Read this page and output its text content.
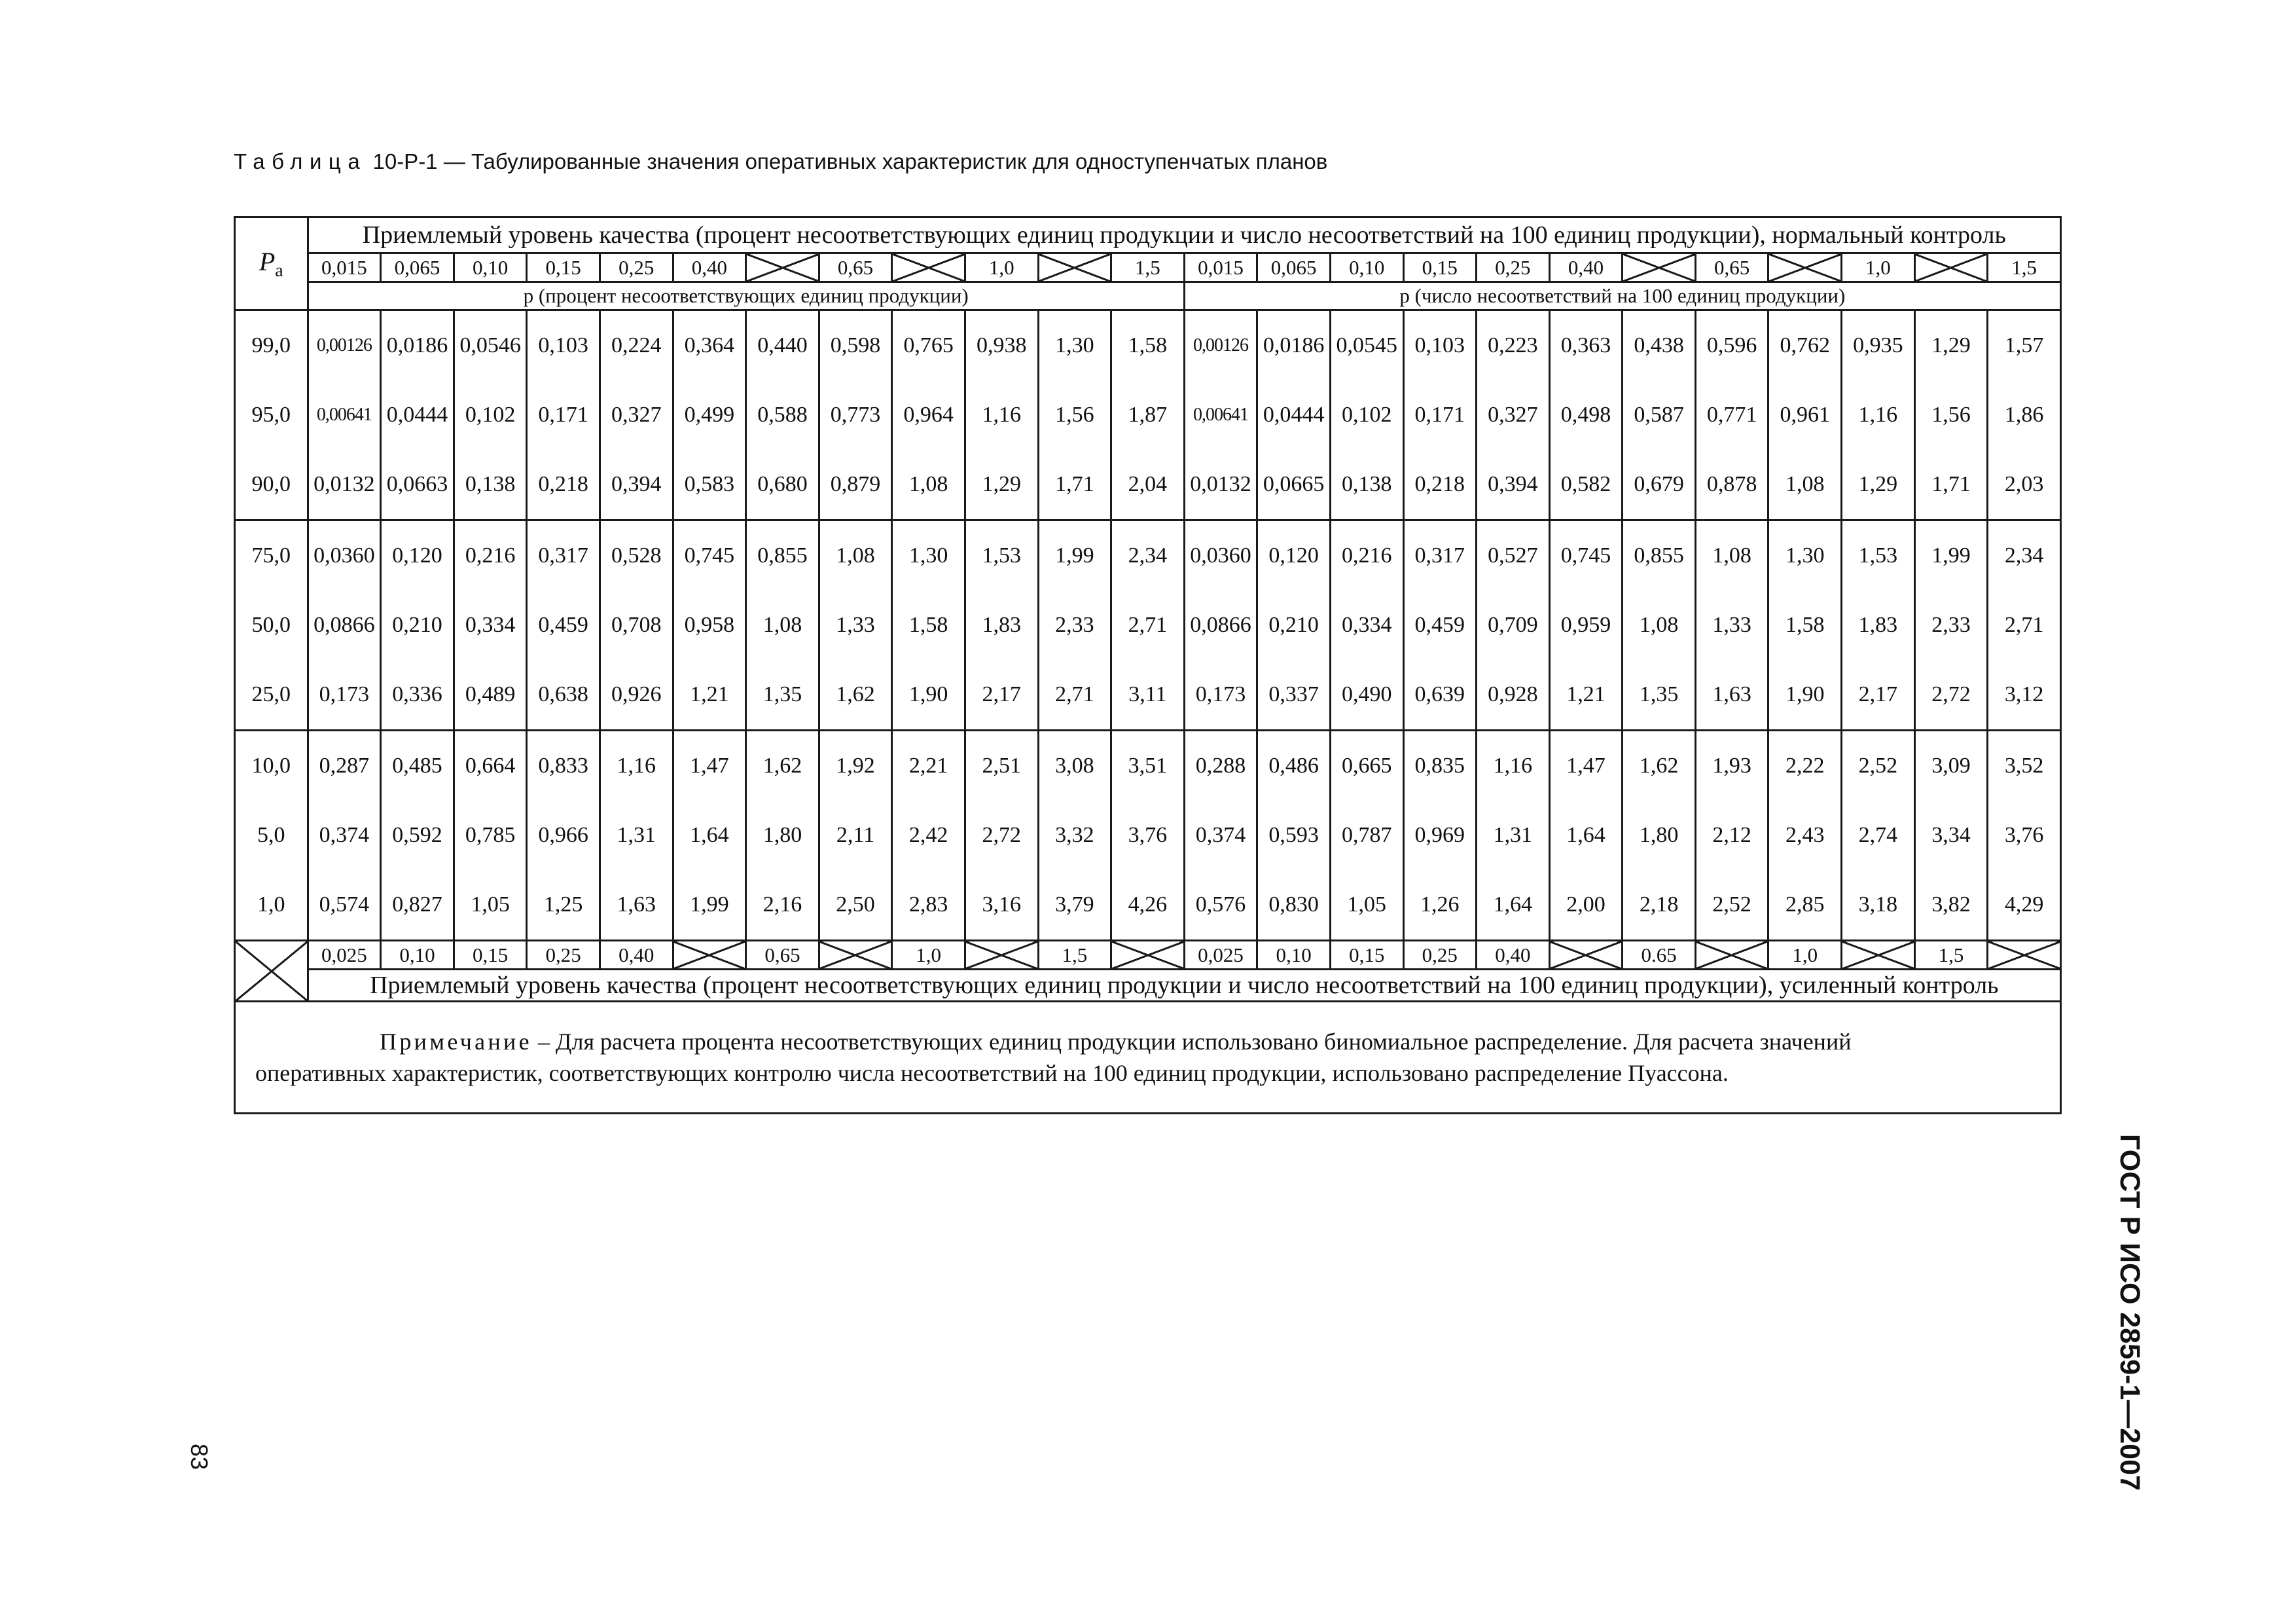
Таблица 10-Р-1 — Табулированные значения оперативных характеристик для одноступенчатых планов
$P_a$	Приемлемый уровень качества (процент несоответствующих единиц продукции и число несоответствий на 100 единиц продукции), нормальный контроль																							
	0,015	0,065	0,10	0,15	0,25	0,40		0,65		1,0		1,5	0,015	0,065	0,10	0,15	0,25	0,40		0,65		1,0		1,5
	p (процент несоответствующих единиц продукции)												p (число несоответствий на 100 единиц продукции)											
99,0	0,00126	0,0186	0,0546	0,103	0,224	0,364	0,440	0,598	0,765	0,938	1,30	1,58	0,00126	0,0186	0,0545	0,103	0,223	0,363	0,438	0,596	0,762	0,935	1,29	1,57
95,0	0,00641	0,0444	0,102	0,171	0,327	0,499	0,588	0,773	0,964	1,16	1,56	1,87	0,00641	0,0444	0,102	0,171	0,327	0,498	0,587	0,771	0,961	1,16	1,56	1,86
90,0	0,0132	0,0663	0,138	0,218	0,394	0,583	0,680	0,879	1,08	1,29	1,71	2,04	0,0132	0,0665	0,138	0,218	0,394	0,582	0,679	0,878	1,08	1,29	1,71	2,03
75,0	0,0360	0,120	0,216	0,317	0,528	0,745	0,855	1,08	1,30	1,53	1,99	2,34	0,0360	0,120	0,216	0,317	0,527	0,745	0,855	1,08	1,30	1,53	1,99	2,34
50,0	0,0866	0,210	0,334	0,459	0,708	0,958	1,08	1,33	1,58	1,83	2,33	2,71	0,0866	0,210	0,334	0,459	0,709	0,959	1,08	1,33	1,58	1,83	2,33	2,71
25,0	0,173	0,336	0,489	0,638	0,926	1,21	1,35	1,62	1,90	2,17	2,71	3,11	0,173	0,337	0,490	0,639	0,928	1,21	1,35	1,63	1,90	2,17	2,72	3,12
10,0	0,287	0,485	0,664	0,833	1,16	1,47	1,62	1,92	2,21	2,51	3,08	3,51	0,288	0,486	0,665	0,835	1,16	1,47	1,62	1,93	2,22	2,52	3,09	3,52
5,0	0,374	0,592	0,785	0,966	1,31	1,64	1,80	2,11	2,42	2,72	3,32	3,76	0,374	0,593	0,787	0,969	1,31	1,64	1,80	2,12	2,43	2,74	3,34	3,76
1,0	0,574	0,827	1,05	1,25	1,63	1,99	2,16	2,50	2,83	3,16	3,79	4,26	0,576	0,830	1,05	1,26	1,64	2,00	2,18	2,52	2,85	3,18	3,82	4,29
	0,025	0,10	0,15	0,25	0,40		0,65		1,0		1,5		0,025	0,10	0,15	0,25	0,40		0.65		1,0		1,5	
	Приемлемый уровень качества (процент несоответствующих единиц продукции и число несоответствий на 100 единиц продукции), усиленный контроль																							

Примечание – Для расчета процента несоответствующих единиц продукции использовано биномиальное распределение. Для расчета значений

оперативных характеристик, соответствующих контролю числа несоответствий на 100 единиц продукции, использовано распределение Пуассона.																								

ГОСТ Р ИСО 2859-1—2007
83
